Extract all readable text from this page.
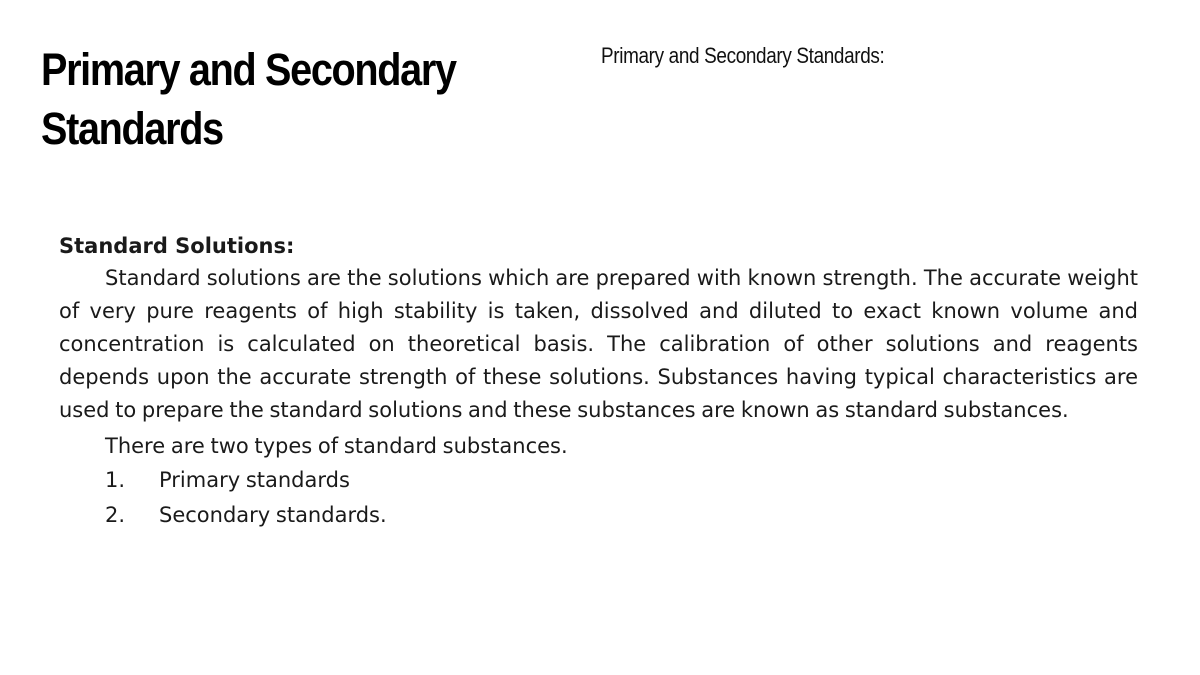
Primary and Secondary Standards

Primary and Secondary Standards:

Standard Solutions:

Standard solutions are the solutions which are prepared with known strength. The accurate weight of very pure reagents of high stability is taken, dissolved and diluted to exact known volume and concentration is calculated on theoretical basis. The calibration of other solutions and reagents depends upon the accurate strength of these solutions. Substances having typical characteristics are used to prepare the standard solutions and these substances are known as standard substances.

There are two types of standard substances.

1.	Primary standards
2.	Secondary standards.
